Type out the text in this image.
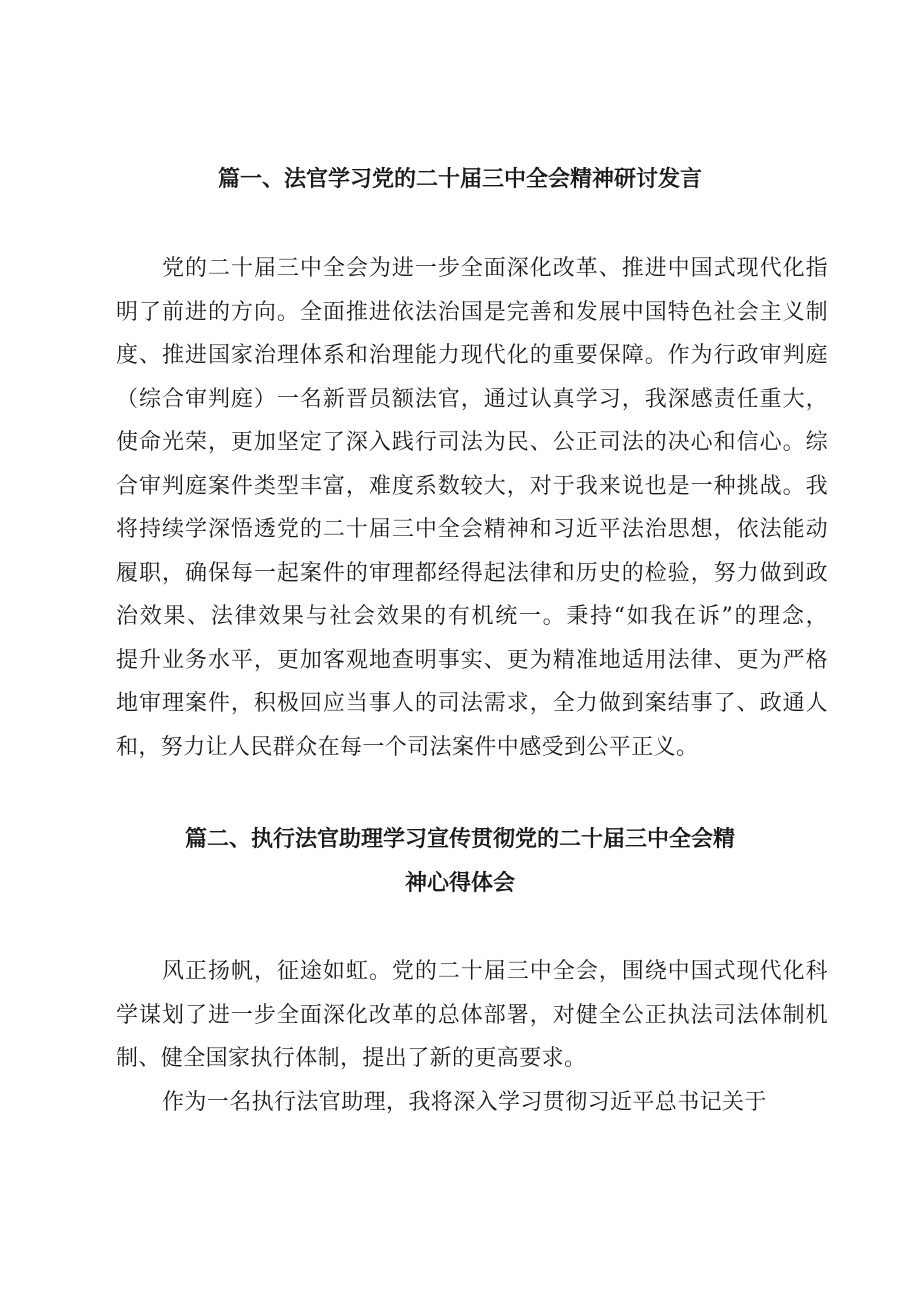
篇一、法官学习党的二十届三中全会精神研讨发言
党的二十届三中全会为进一步全面深化改革、推进中国式现代化指
明了前进的方向。全面推进依法治国是完善和发展中国特色社会主义制
度、推进国家治理体系和治理能力现代化的重要保障。作为行政审判庭
（综合审判庭）一名新晋员额法官，通过认真学习，我深感责任重大，
使命光荣，更加坚定了深入践行司法为民、公正司法的决心和信心。综
合审判庭案件类型丰富，难度系数较大，对于我来说也是一种挑战。我
将持续学深悟透党的二十届三中全会精神和习近平法治思想，依法能动
履职，确保每一起案件的审理都经得起法律和历史的检验，努力做到政
治效果、法律效果与社会效果的有机统一。秉持“如我在诉”的理念，
提升业务水平，更加客观地查明事实、更为精准地适用法律、更为严格
地审理案件，积极回应当事人的司法需求，全力做到案结事了、政通人
和，努力让人民群众在每一个司法案件中感受到公平正义。
篇二、执行法官助理学习宣传贯彻党的二十届三中全会精
神心得体会
风正扬帆，征途如虹。党的二十届三中全会，围绕中国式现代化科
学谋划了进一步全面深化改革的总体部署，对健全公正执法司法体制机
制、健全国家执行体制，提出了新的更高要求。
作为一名执行法官助理，我将深入学习贯彻习近平总书记关于
